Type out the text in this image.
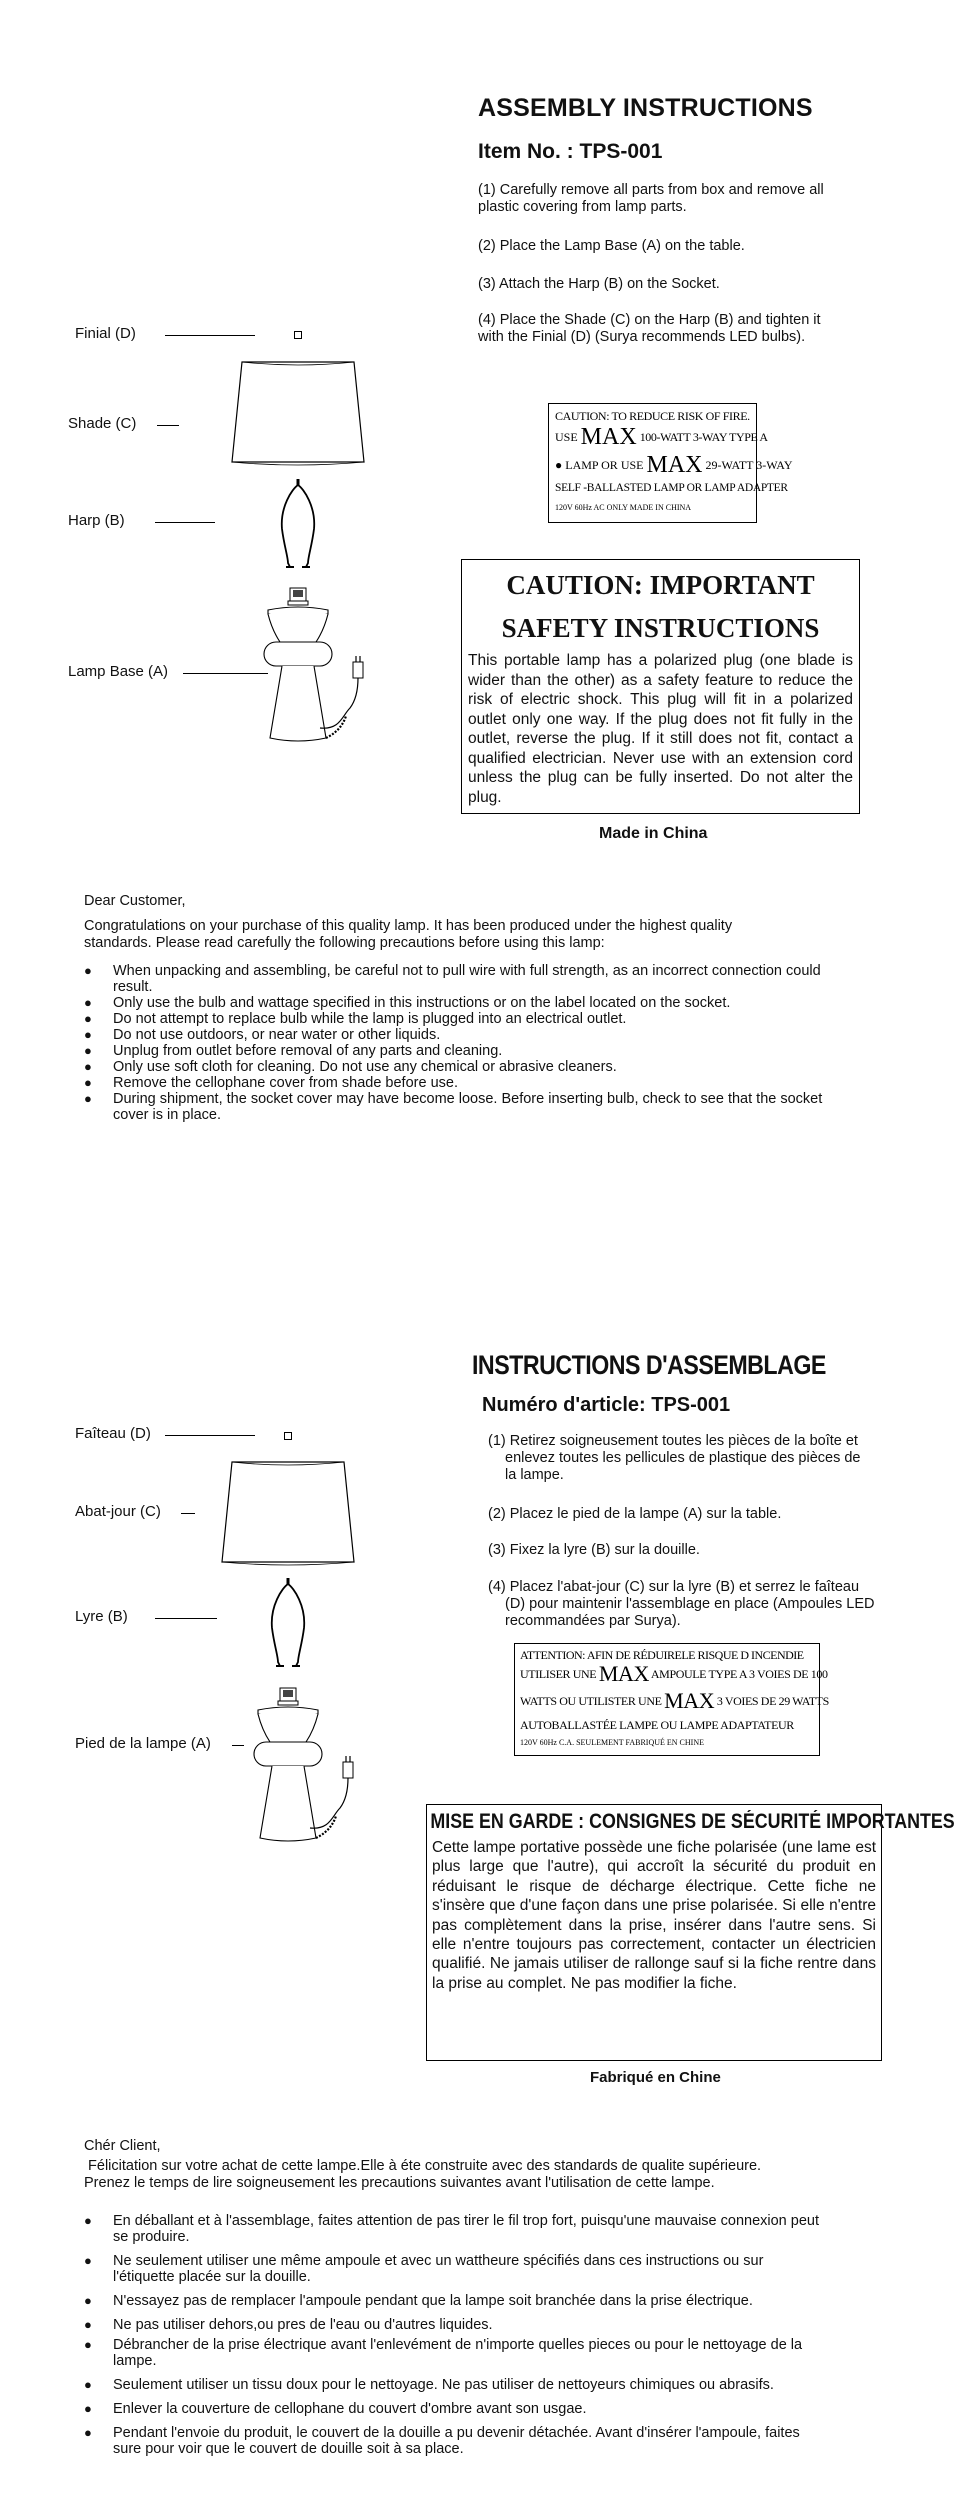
ASSEMBLY INSTRUCTIONS
Item No. : TPS-001
(1) Carefully remove all parts from box and remove all plastic covering from lamp parts.
(2) Place the Lamp Base (A) on the table.
(3) Attach the Harp (B) on the Socket.
(4) Place the Shade (C) on the Harp (B) and tighten it with the Finial (D) (Surya recommends LED bulbs).
Finial (D)
Shade (C)
Harp (B)
Lamp Base (A)
CAUTION: TO REDUCE RISK OF FIRE.
USE MAX 100-WATT 3-WAY TYPE A
● LAMP OR USE MAX 29-WATT 3-WAY
SELF -BALLASTED LAMP OR LAMP ADAPTER
120V 60Hz AC ONLY MADE IN CHINA
CAUTION: IMPORTANT SAFETY INSTRUCTIONS
This portable lamp has a polarized plug (one blade is wider than the other) as a safety feature to reduce the risk of electric shock. This plug will fit in a polarized outlet only one way. If the plug does not fit fully in the outlet, reverse the plug. If it still does not fit, contact a qualified electrician. Never use with an extension cord unless the plug can be fully inserted. Do not alter the plug.
Made in China
Dear Customer,
Congratulations on your purchase of this quality lamp. It has been produced under the highest quality standards. Please read carefully the following precautions before using this lamp:
● When unpacking and assembling, be careful not to pull wire with full strength, as an incorrect connection could result.
● Only use the bulb and wattage specified in this instructions or on the label located on the socket.
● Do not attempt to replace bulb while the lamp is plugged into an electrical outlet.
● Do not use outdoors, or near water or other liquids.
● Unplug from outlet before removal of any parts and cleaning.
● Only use soft cloth for cleaning. Do not use any chemical or abrasive cleaners.
● Remove the cellophane cover from shade before use.
● During shipment, the socket cover may have become loose. Before inserting bulb, check to see that the socket cover is in place.
INSTRUCTIONS D'ASSEMBLAGE
Numéro d'article: TPS-001
(1) Retirez soigneusement toutes les pièces de la boîte et enlevez toutes les pellicules de plastique des pièces de la lampe.
(2) Placez le pied de la lampe (A) sur la table.
(3) Fixez la lyre (B) sur la douille.
(4) Placez l'abat-jour (C) sur la lyre (B) et serrez le faîteau (D) pour maintenir l'assemblage en place (Ampoules LED recommandées par Surya).
Faîteau (D)
Abat-jour (C)
Lyre (B)
Pied de la lampe (A)
ATTENTION: AFIN DE RÉDUIRELE RISQUE D INCENDIE
UTILISER UNE MAX AMPOULE TYPE A 3 VOIES DE 100
WATTS OU UTILISTER UNE MAX 3 VOIES DE 29 WATTS
AUTOBALLASTÉE LAMPE OU LAMPE ADAPTATEUR
120V 60Hz C.A. SEULEMENT FABRIQUÉ EN CHINE
MISE EN GARDE : CONSIGNES DE SÉCURITÉ IMPORTANTES
Cette lampe portative possède une fiche polarisée (une lame est plus large que l'autre), qui accroît la sécurité du produit en réduisant le risque de décharge électrique. Cette fiche ne s'insère que d'une façon dans une prise polarisée. Si elle n'entre pas complètement dans la prise, insérer dans l'autre sens. Si elle n'entre toujours pas correctement, contacter un électricien qualifié. Ne jamais utiliser de rallonge sauf si la fiche rentre dans la prise au complet. Ne pas modifier la fiche.
Fabriqué en Chine
Chér Client,
Félicitation sur votre achat de cette lampe.Elle à éte construite avec des standards de qualite supérieure. Prenez le temps de lire soigneusement les precautions suivantes avant l'utilisation de cette lampe.
● En déballant et à l'assemblage, faites attention de pas tirer le fil trop fort, puisqu'une mauvaise connexion peut se produire.
● Ne seulement utiliser une même ampoule et avec un wattheure spécifiés dans ces instructions ou sur l'étiquette placée sur la douille.
● N'essayez pas de remplacer l'ampoule pendant que la lampe soit branchée dans la prise électrique.
● Ne pas utiliser dehors,ou pres de l'eau ou d'autres liquides.
● Débrancher de la prise électrique avant l'enlevément de n'importe quelles pieces ou pour le nettoyage de la lampe.
● Seulement utiliser un tissu doux pour le nettoyage. Ne pas utiliser de nettoyeurs chimiques ou abrasifs.
● Enlever la couverture de cellophane du couvert d'ombre avant son usgae.
● Pendant l'envoie du produit, le couvert de la douille a pu devenir détachée. Avant d'insérer l'ampoule, faites sure pour voir que le couvert de douille soit à sa place.
